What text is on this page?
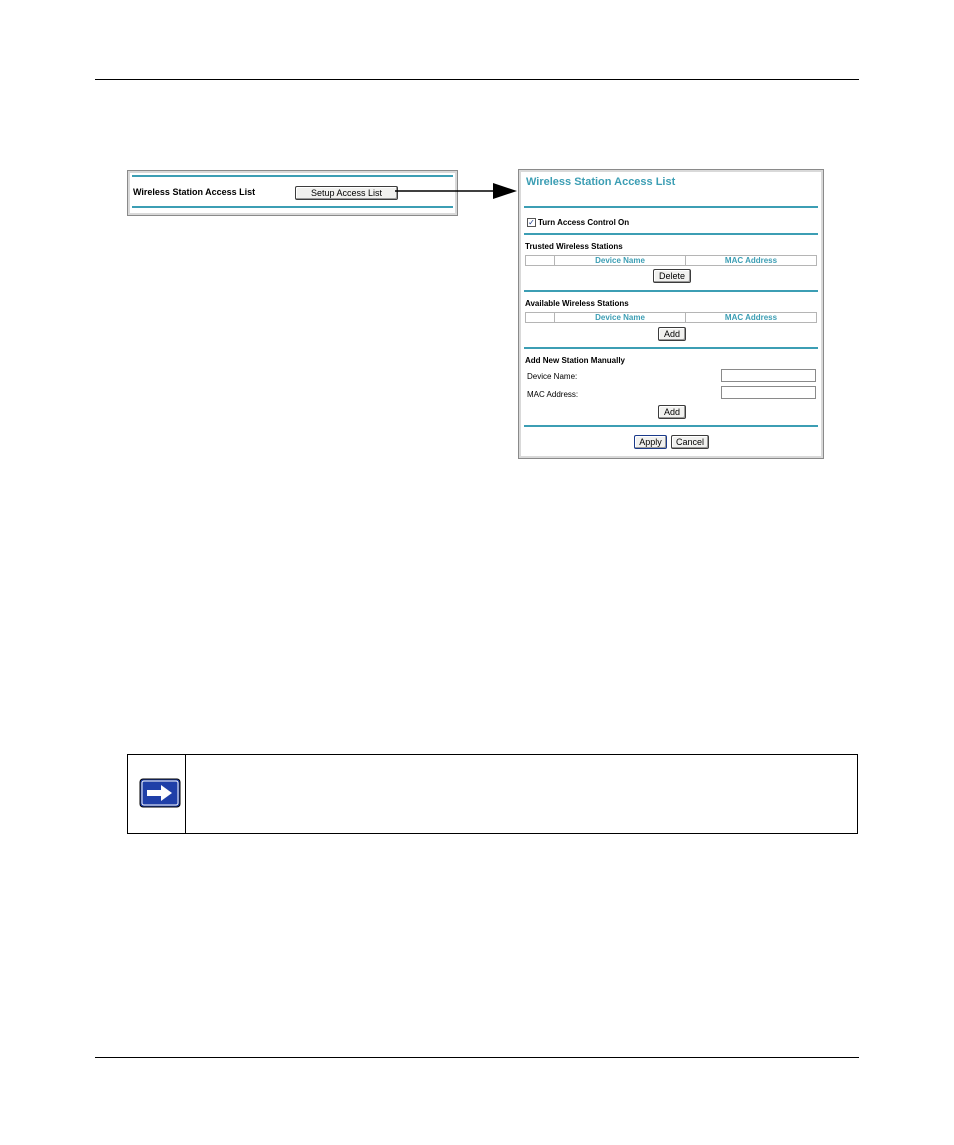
Wireless Station Access List	Setup Access List
Wireless Station Access List
✓ Turn Access Control On
Trusted Wireless Stations
	Device Name	MAC Address
Delete
Available Wireless Stations
	Device Name	MAC Address
Add
Add New Station Manually
Device Name:
MAC Address:
Add
Apply	Cancel
